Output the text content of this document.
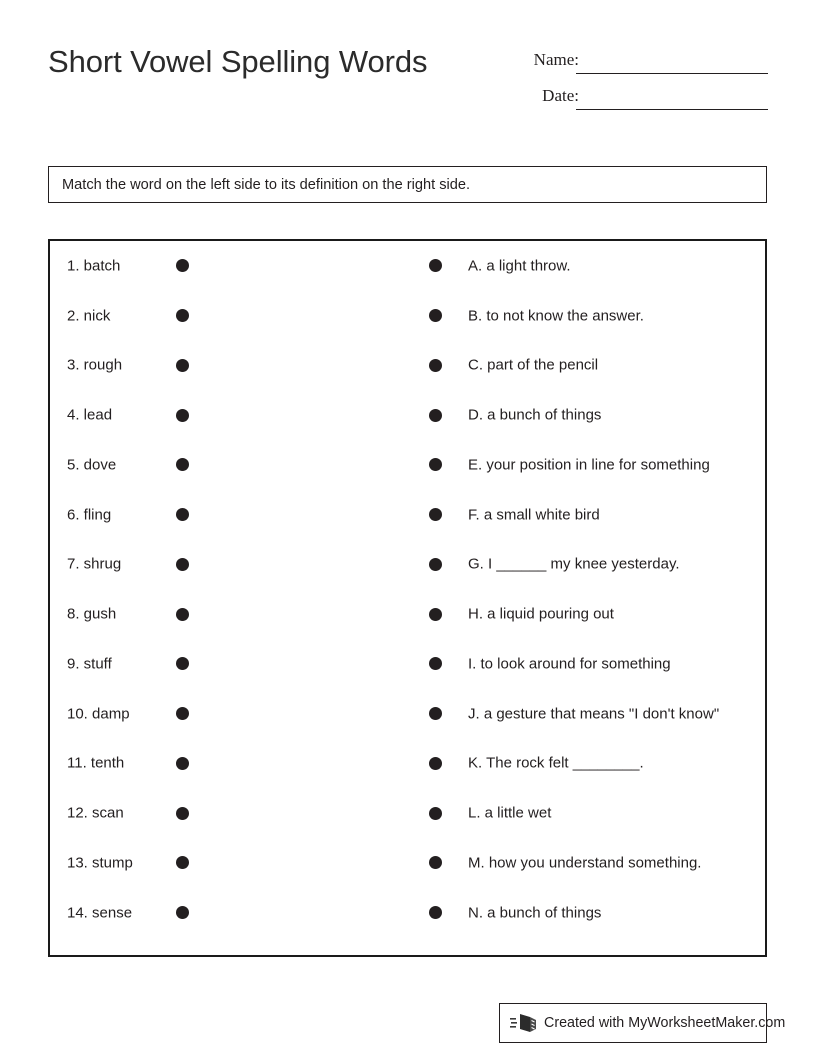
Short Vowel Spelling Words	Name:
Date:
Match the word on the left side to its definition on the right side.
1. batch	A. a light throw.
2. nick	B. to not know the answer.
3. rough	C. part of the pencil
4. lead	D. a bunch of things
5. dove	E. your position in line for something
6. fling	F. a small white bird
7. shrug	G. I ______ my knee yesterday.
8. gush	H. a liquid pouring out
9. stuff	I. to look around for something
10. damp	J. a gesture that means "I don't know"
11. tenth	K. The rock felt ________.
12. scan	L. a little wet
13. stump	M. how you understand something.
14. sense	N. a bunch of things
Created with MyWorksheetMaker.com
